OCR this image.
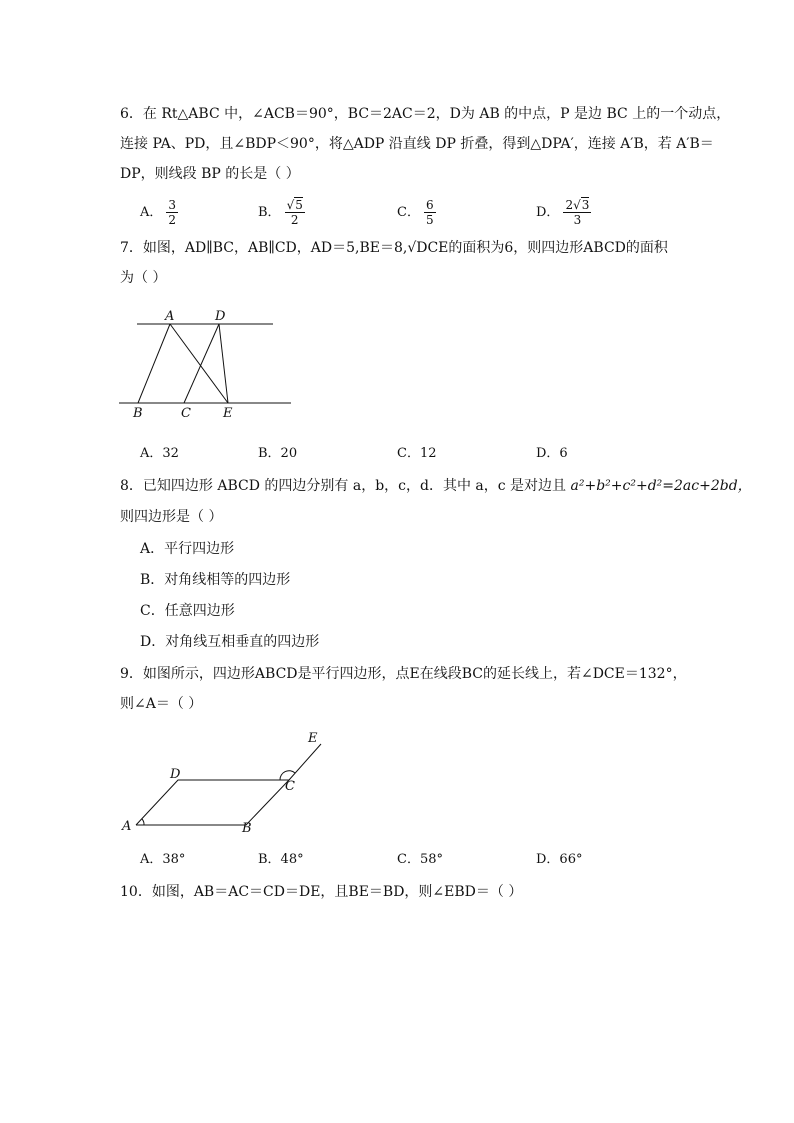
6．在 Rt△ABC 中，∠ACB＝90°，BC＝2AC＝2，D为 AB 的中点，P 是边 BC 上的一个动点，
连接 PA、PD，且∠BDP＜90°，将△ADP 沿直线 DP 折叠，得到△DPA′，连接 A′B，若 A′B＝
DP，则线段 BP 的长是（ ）
A． $\frac{3}{2}$	B． $\frac{√5}{2}$	C． $\frac{6}{5}$	D． $\frac{2√3}{3}$
7．如图，AD∥BC，AB∥CD，AD＝5,BE＝8,√DCE的面积为6，则四边形ABCD的面积
为（ ）
A	D
B	C E
A．32	B．20	C．12	D．6
8．已知四边形 ABCD 的四边分别有 a，b，c，d．其中 a，c 是对边且 a²+b²+c²+d²=2ac+2bd，
则四边形是（ ）
A．平行四边形
B．对角线相等的四边形
C．任意四边形
D．对角线互相垂直的四边形
9．如图所示，四边形ABCD是平行四边形，点E在线段BC的延长线上，若∠DCE＝132°，
则∠A＝（ ）
E
D
C
A	B
A．38°	B．48°	C．58°	D．66°
10．如图，AB＝AC＝CD＝DE，且BE＝BD，则∠EBD＝（ ）
